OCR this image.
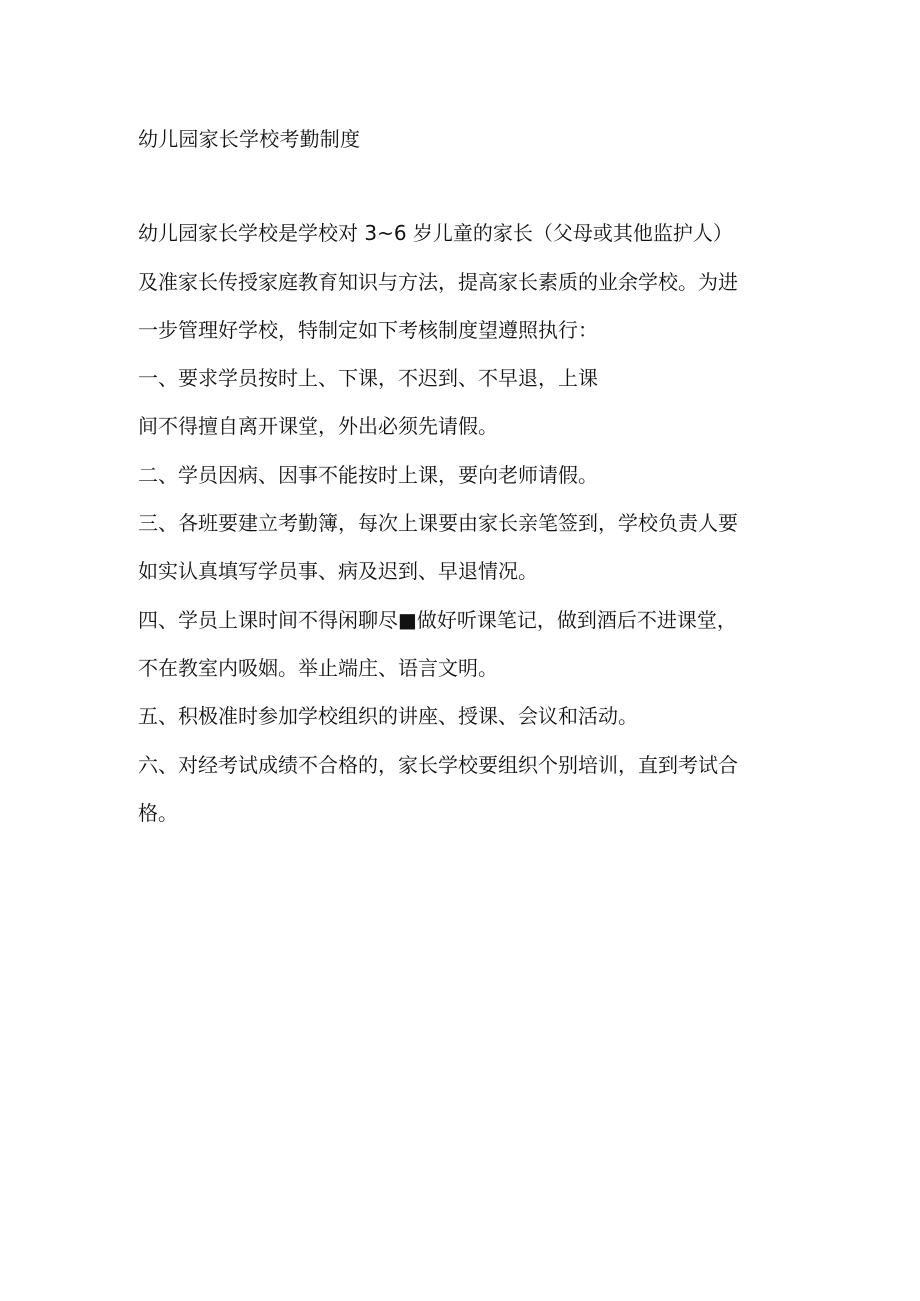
幼儿园家长学校考勤制度
幼儿园家长学校是学校对 3~6 岁儿童的家长（父母或其他监护人）
及准家长传授家庭教育知识与方法，提高家长素质的业余学校。为进
一步管理好学校，特制定如下考核制度望遵照执行：
一、要求学员按时上、下课，不迟到、不早退，上课
间不得擅自离开课堂，外出必须先请假。
二、学员因病、因事不能按时上课，要向老师请假。
三、各班要建立考勤簿，每次上课要由家长亲笔签到，学校负责人要
如实认真填写学员事、病及迟到、早退情况。
四、学员上课时间不得闲聊尽■做好听课笔记，做到酒后不进课堂，
不在教室内吸姻。举止端庄、语言文明。
五、积极准时参加学校组织的讲座、授课、会议和活动。
六、对经考试成绩不合格的，家长学校要组织个别培训，直到考试合
格。
